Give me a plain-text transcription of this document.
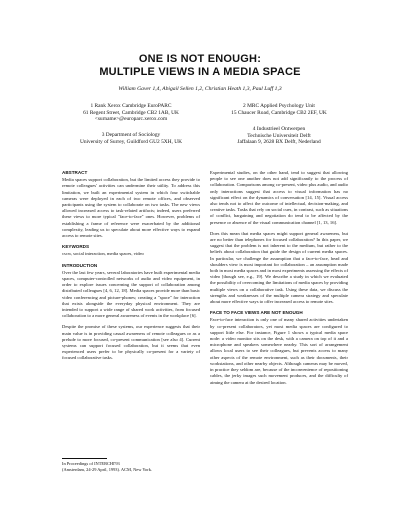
ONE IS NOT ENOUGH:
MULTIPLE VIEWS IN A MEDIA SPACE
William Gaver 1,4, Abigail Sellen 1,2, Christian Heath 1,3, Paul Luff 1,3
1 Rank Xerox Cambridge EuroPARC
61 Regent Street, Cambridge CB2 1AB, UK
<surname>@europarc.xerox.com
2 MRC Applied Psychology Unit
15 Chaucer Road, Cambridge CB2 2EF, UK
3 Department of Sociology
University of Surrey, Guildford GU2 5XH, UK
4 Industrieel Ontwerpen
Technische Universiteit Delft
Jaffalaan 9, 2628 BX Delft, Nederland
ABSTRACT

Media spaces support collaboration, but the limited access they provide to remote colleagues' activities can undermine their utility. To address this limitation, we built an experimental system in which four switchable cameras were deployed in each of two remote offices, and observed participants using the system to collaborate on two tasks. The new views allowed increased access to task-related artifacts; indeed, users preferred these views to more typical "face-to-face" ones. However, problems of establishing a frame of reference were exacerbated by the additional complexity, leading us to speculate about more effective ways to expand access to remote sites.

KEYWORDS

cscw, social interaction, media spaces, video

INTRODUCTION

Over the last few years, several laboratories have built experimental media spaces, computer-controlled networks of audio and video equipment, in order to explore issues concerning the support of collaboration among distributed colleagues [4, 6, 12, 18]. Media spaces provide more than basic video conferencing and picture-phones; creating a "space" for interaction that exists alongside the everyday physical environment. They are intended to support a wide range of shared work activities, from focused collaboration to a more general awareness of events in the workplace [6].

Despite the promise of these systems, our experience suggests that their main value is in providing casual awareness of remote colleagues or as a prelude to more focused, co-present communication [see also 4]. Current systems can support focused collaboration, but it seems that even experienced users prefer to be physically co-present for a variety of focused collaborative tasks.

In Proceedings of INTERCHI'93
(Amsterdam, 24-29 April, 1993). ACM, New York.

Experimental studies, on the other hand, tend to suggest that allowing people to see one another does not add significantly to the process of collaboration. Comparisons among co-present, video plus audio, and audio only interactions suggest that access to visual information has no significant effect on the dynamics of conversation [14, 15]. Visual access also tends not to affect the outcome of intellectual, decision-making, and creative tasks. Tasks that rely on social cues, in contrast, such as situations of conflict, bargaining and negotiation do tend to be affected by the presence or absence of the visual communication channel [1, 13, 16].

Does this mean that media spaces might support general awareness, but are no better than telephones for focused collaboration? In this paper, we suggest that the problem is not inherent to the medium, but rather to the beliefs about collaboration that guide the design of current media spaces. In particular, we challenge the assumption that a face-to-face, head and shoulders view is most important for collaboration – an assumption made both in most media spaces and in most experiments assessing the effects of video [though see, e.g., 19]. We describe a study in which we evaluated the possibility of overcoming the limitations of media spaces by providing multiple views on a collaborative task. Using these data, we discuss the strengths and weaknesses of the multiple camera strategy and speculate about more effective ways to offer increased access to remote sites.

FACE TO FACE VIEWS ARE NOT ENOUGH

Face-to-face interaction is only one of many shared activities undertaken by co-present collaborators, yet most media spaces are configured to support little else. For instance, Figure 1 shows a typical media space node: a video monitor sits on the desk, with a camera on top of it and a microphone and speakers somewhere nearby. This sort of arrangement allows local users to see their colleagues, but prevents access to many other aspects of the remote environment, such as their documents, their workstations, and other nearby objects. Although cameras may be moved, in practice they seldom are, because of the inconvenience of repositioning cables, the jerky images such movement produces, and the difficulty of aiming the camera at the desired location.
